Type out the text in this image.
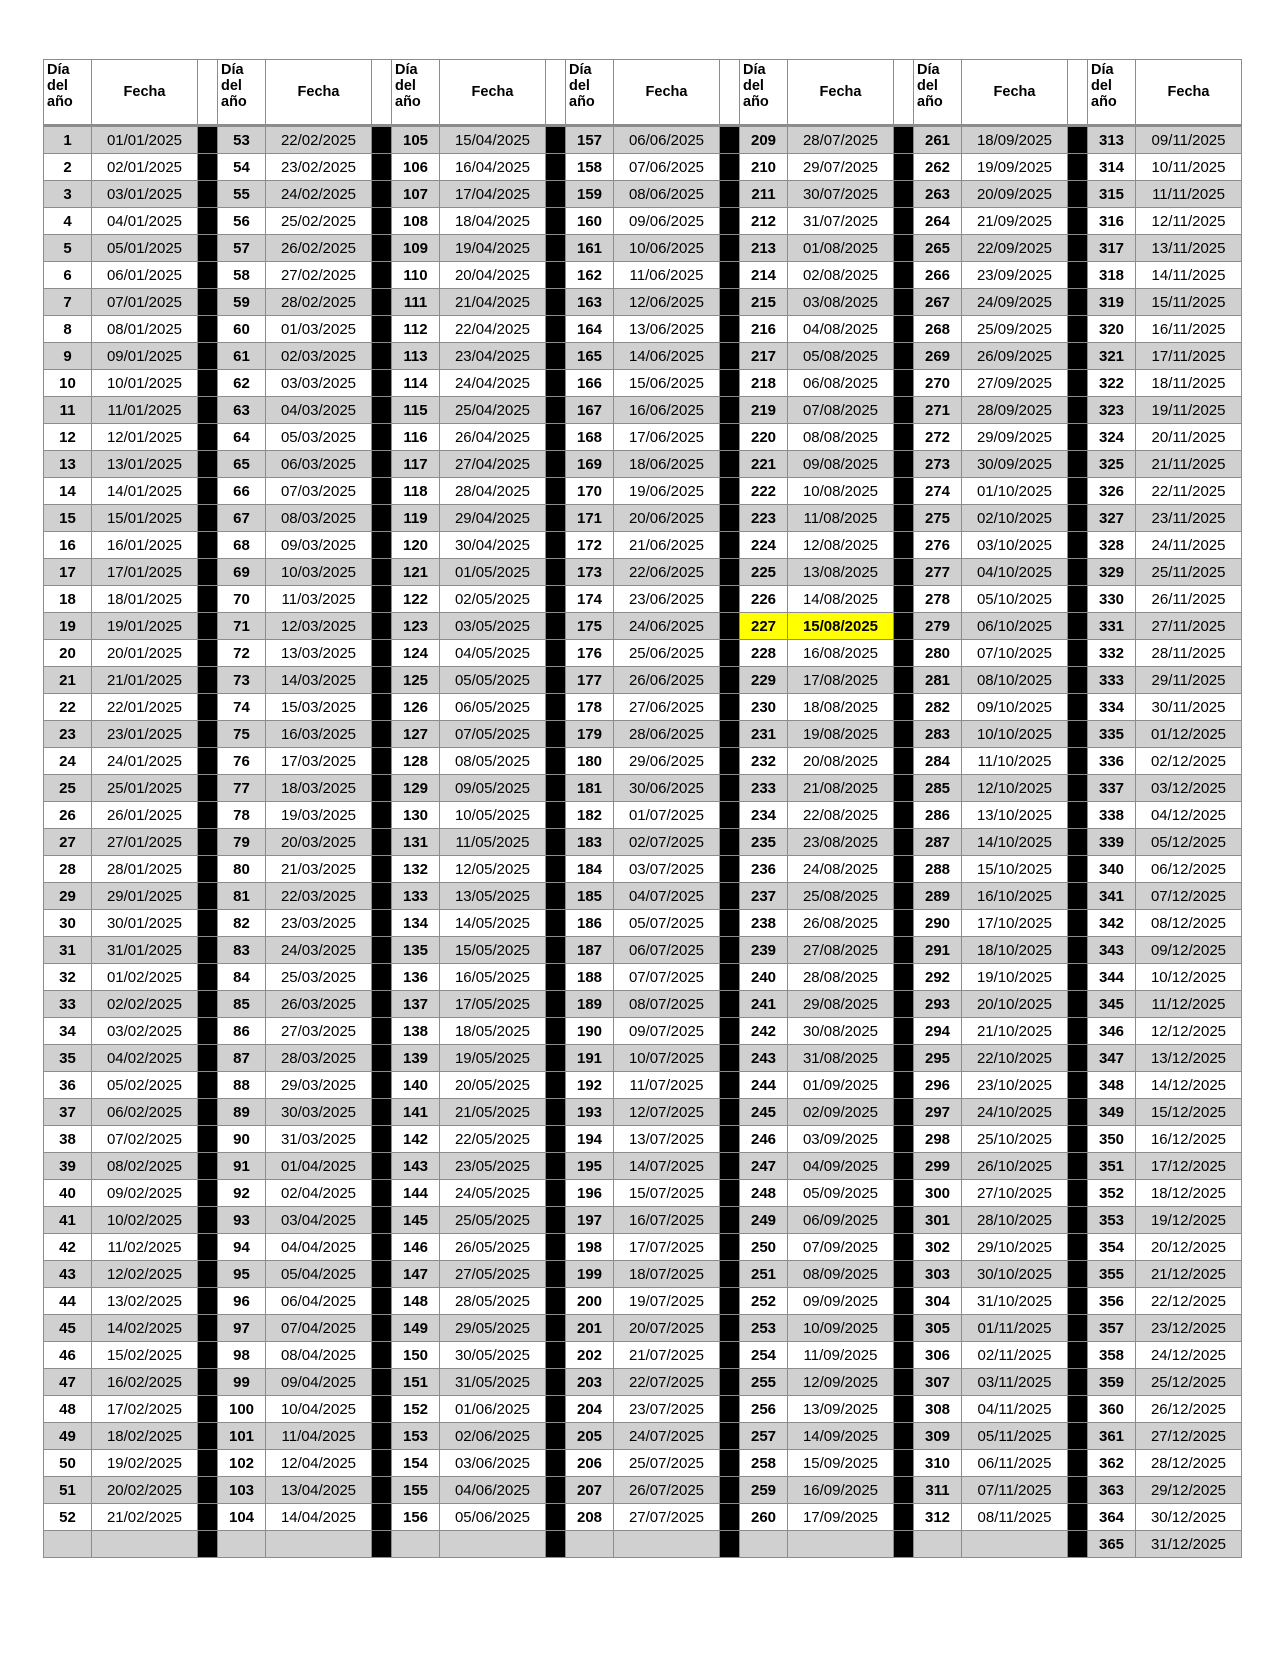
Día
del
año	Fecha		Día
del
año	Fecha		Día
del
año	Fecha		Día
del
año	Fecha		Día
del
año	Fecha		Día
del
año	Fecha		Día
del
año	Fecha
1	01/01/2025		53	22/02/2025		105	15/04/2025		157	06/06/2025		209	28/07/2025		261	18/09/2025		313	09/11/2025
2	02/01/2025		54	23/02/2025		106	16/04/2025		158	07/06/2025		210	29/07/2025		262	19/09/2025		314	10/11/2025
3	03/01/2025		55	24/02/2025		107	17/04/2025		159	08/06/2025		211	30/07/2025		263	20/09/2025		315	11/11/2025
4	04/01/2025		56	25/02/2025		108	18/04/2025		160	09/06/2025		212	31/07/2025		264	21/09/2025		316	12/11/2025
5	05/01/2025		57	26/02/2025		109	19/04/2025		161	10/06/2025		213	01/08/2025		265	22/09/2025		317	13/11/2025
6	06/01/2025		58	27/02/2025		110	20/04/2025		162	11/06/2025		214	02/08/2025		266	23/09/2025		318	14/11/2025
7	07/01/2025		59	28/02/2025		111	21/04/2025		163	12/06/2025		215	03/08/2025		267	24/09/2025		319	15/11/2025
8	08/01/2025		60	01/03/2025		112	22/04/2025		164	13/06/2025		216	04/08/2025		268	25/09/2025		320	16/11/2025
9	09/01/2025		61	02/03/2025		113	23/04/2025		165	14/06/2025		217	05/08/2025		269	26/09/2025		321	17/11/2025
10	10/01/2025		62	03/03/2025		114	24/04/2025		166	15/06/2025		218	06/08/2025		270	27/09/2025		322	18/11/2025
11	11/01/2025		63	04/03/2025		115	25/04/2025		167	16/06/2025		219	07/08/2025		271	28/09/2025		323	19/11/2025
12	12/01/2025		64	05/03/2025		116	26/04/2025		168	17/06/2025		220	08/08/2025		272	29/09/2025		324	20/11/2025
13	13/01/2025		65	06/03/2025		117	27/04/2025		169	18/06/2025		221	09/08/2025		273	30/09/2025		325	21/11/2025
14	14/01/2025		66	07/03/2025		118	28/04/2025		170	19/06/2025		222	10/08/2025		274	01/10/2025		326	22/11/2025
15	15/01/2025		67	08/03/2025		119	29/04/2025		171	20/06/2025		223	11/08/2025		275	02/10/2025		327	23/11/2025
16	16/01/2025		68	09/03/2025		120	30/04/2025		172	21/06/2025		224	12/08/2025		276	03/10/2025		328	24/11/2025
17	17/01/2025		69	10/03/2025		121	01/05/2025		173	22/06/2025		225	13/08/2025		277	04/10/2025		329	25/11/2025
18	18/01/2025		70	11/03/2025		122	02/05/2025		174	23/06/2025		226	14/08/2025		278	05/10/2025		330	26/11/2025
19	19/01/2025		71	12/03/2025		123	03/05/2025		175	24/06/2025		227	15/08/2025		279	06/10/2025		331	27/11/2025
20	20/01/2025		72	13/03/2025		124	04/05/2025		176	25/06/2025		228	16/08/2025		280	07/10/2025		332	28/11/2025
21	21/01/2025		73	14/03/2025		125	05/05/2025		177	26/06/2025		229	17/08/2025		281	08/10/2025		333	29/11/2025
22	22/01/2025		74	15/03/2025		126	06/05/2025		178	27/06/2025		230	18/08/2025		282	09/10/2025		334	30/11/2025
23	23/01/2025		75	16/03/2025		127	07/05/2025		179	28/06/2025		231	19/08/2025		283	10/10/2025		335	01/12/2025
24	24/01/2025		76	17/03/2025		128	08/05/2025		180	29/06/2025		232	20/08/2025		284	11/10/2025		336	02/12/2025
25	25/01/2025		77	18/03/2025		129	09/05/2025		181	30/06/2025		233	21/08/2025		285	12/10/2025		337	03/12/2025
26	26/01/2025		78	19/03/2025		130	10/05/2025		182	01/07/2025		234	22/08/2025		286	13/10/2025		338	04/12/2025
27	27/01/2025		79	20/03/2025		131	11/05/2025		183	02/07/2025		235	23/08/2025		287	14/10/2025		339	05/12/2025
28	28/01/2025		80	21/03/2025		132	12/05/2025		184	03/07/2025		236	24/08/2025		288	15/10/2025		340	06/12/2025
29	29/01/2025		81	22/03/2025		133	13/05/2025		185	04/07/2025		237	25/08/2025		289	16/10/2025		341	07/12/2025
30	30/01/2025		82	23/03/2025		134	14/05/2025		186	05/07/2025		238	26/08/2025		290	17/10/2025		342	08/12/2025
31	31/01/2025		83	24/03/2025		135	15/05/2025		187	06/07/2025		239	27/08/2025		291	18/10/2025		343	09/12/2025
32	01/02/2025		84	25/03/2025		136	16/05/2025		188	07/07/2025		240	28/08/2025		292	19/10/2025		344	10/12/2025
33	02/02/2025		85	26/03/2025		137	17/05/2025		189	08/07/2025		241	29/08/2025		293	20/10/2025		345	11/12/2025
34	03/02/2025		86	27/03/2025		138	18/05/2025		190	09/07/2025		242	30/08/2025		294	21/10/2025		346	12/12/2025
35	04/02/2025		87	28/03/2025		139	19/05/2025		191	10/07/2025		243	31/08/2025		295	22/10/2025		347	13/12/2025
36	05/02/2025		88	29/03/2025		140	20/05/2025		192	11/07/2025		244	01/09/2025		296	23/10/2025		348	14/12/2025
37	06/02/2025		89	30/03/2025		141	21/05/2025		193	12/07/2025		245	02/09/2025		297	24/10/2025		349	15/12/2025
38	07/02/2025		90	31/03/2025		142	22/05/2025		194	13/07/2025		246	03/09/2025		298	25/10/2025		350	16/12/2025
39	08/02/2025		91	01/04/2025		143	23/05/2025		195	14/07/2025		247	04/09/2025		299	26/10/2025		351	17/12/2025
40	09/02/2025		92	02/04/2025		144	24/05/2025		196	15/07/2025		248	05/09/2025		300	27/10/2025		352	18/12/2025
41	10/02/2025		93	03/04/2025		145	25/05/2025		197	16/07/2025		249	06/09/2025		301	28/10/2025		353	19/12/2025
42	11/02/2025		94	04/04/2025		146	26/05/2025		198	17/07/2025		250	07/09/2025		302	29/10/2025		354	20/12/2025
43	12/02/2025		95	05/04/2025		147	27/05/2025		199	18/07/2025		251	08/09/2025		303	30/10/2025		355	21/12/2025
44	13/02/2025		96	06/04/2025		148	28/05/2025		200	19/07/2025		252	09/09/2025		304	31/10/2025		356	22/12/2025
45	14/02/2025		97	07/04/2025		149	29/05/2025		201	20/07/2025		253	10/09/2025		305	01/11/2025		357	23/12/2025
46	15/02/2025		98	08/04/2025		150	30/05/2025		202	21/07/2025		254	11/09/2025		306	02/11/2025		358	24/12/2025
47	16/02/2025		99	09/04/2025		151	31/05/2025		203	22/07/2025		255	12/09/2025		307	03/11/2025		359	25/12/2025
48	17/02/2025		100	10/04/2025		152	01/06/2025		204	23/07/2025		256	13/09/2025		308	04/11/2025		360	26/12/2025
49	18/02/2025		101	11/04/2025		153	02/06/2025		205	24/07/2025		257	14/09/2025		309	05/11/2025		361	27/12/2025
50	19/02/2025		102	12/04/2025		154	03/06/2025		206	25/07/2025		258	15/09/2025		310	06/11/2025		362	28/12/2025
51	20/02/2025		103	13/04/2025		155	04/06/2025		207	26/07/2025		259	16/09/2025		311	07/11/2025		363	29/12/2025
52	21/02/2025		104	14/04/2025		156	05/06/2025		208	27/07/2025		260	17/09/2025		312	08/11/2025		364	30/12/2025
																		365	31/12/2025
